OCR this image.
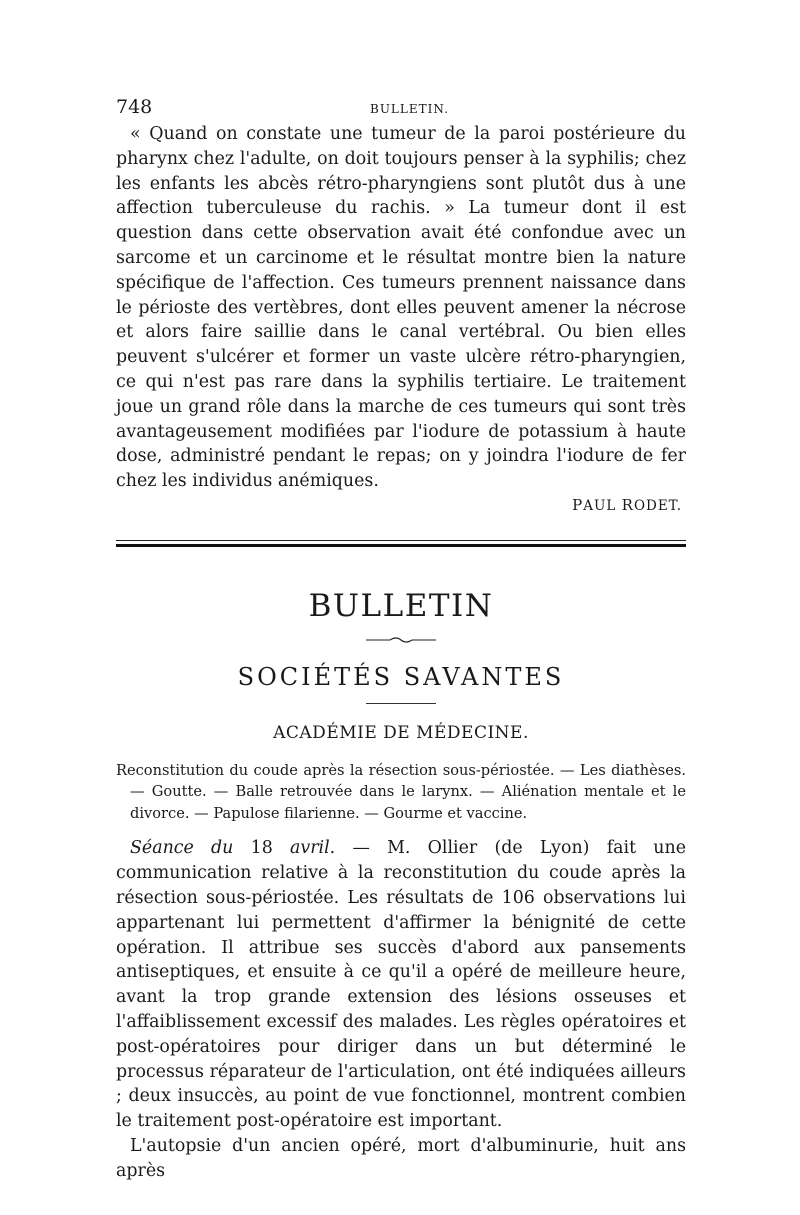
748	BULLETIN.

« Quand on constate une tumeur de la paroi postérieure du pharynx chez l'adulte, on doit toujours penser à la syphilis; chez les enfants les abcès rétro-pharyngiens sont plutôt dus à une affection tuberculeuse du rachis. » La tumeur dont il est question dans cette observation avait été confondue avec un sarcome et un carcinome et le résultat montre bien la nature spécifique de l'affection. Ces tumeurs prennent naissance dans le périoste des vertèbres, dont elles peuvent amener la nécrose et alors faire saillie dans le canal vertébral. Ou bien elles peuvent s'ulcérer et former un vaste ulcère rétro-pharyngien, ce qui n'est pas rare dans la syphilis tertiaire. Le traitement joue un grand rôle dans la marche de ces tumeurs qui sont très avantageusement modifiées par l'iodure de potassium à haute dose, administré pendant le repas; on y joindra l'iodure de fer chez les individus anémiques.

PAUL RODET.
BULLETIN
SOCIÉTÉS SAVANTES
ACADÉMIE DE MÉDECINE.

Reconstitution du coude après la résection sous-périostée. — Les diathèses. — Goutte. — Balle retrouvée dans le larynx. — Aliénation mentale et le divorce. — Papulose filarienne. — Gourme et vaccine.

Séance du 18 avril. — M. Ollier (de Lyon) fait une communication relative à la reconstitution du coude après la résection sous-périostée. Les résultats de 106 observations lui appartenant lui permettent d'affirmer la bénignité de cette opération. Il attribue ses succès d'abord aux pansements antiseptiques, et ensuite à ce qu'il a opéré de meilleure heure, avant la trop grande extension des lésions osseuses et l'affaiblissement excessif des malades. Les règles opératoires et post-opératoires pour diriger dans un but déterminé le processus réparateur de l'articulation, ont été indiquées ailleurs ; deux insuccès, au point de vue fonctionnel, montrent combien le traitement post-opératoire est important.

L'autopsie d'un ancien opéré, mort d'albuminurie, huit ans après
